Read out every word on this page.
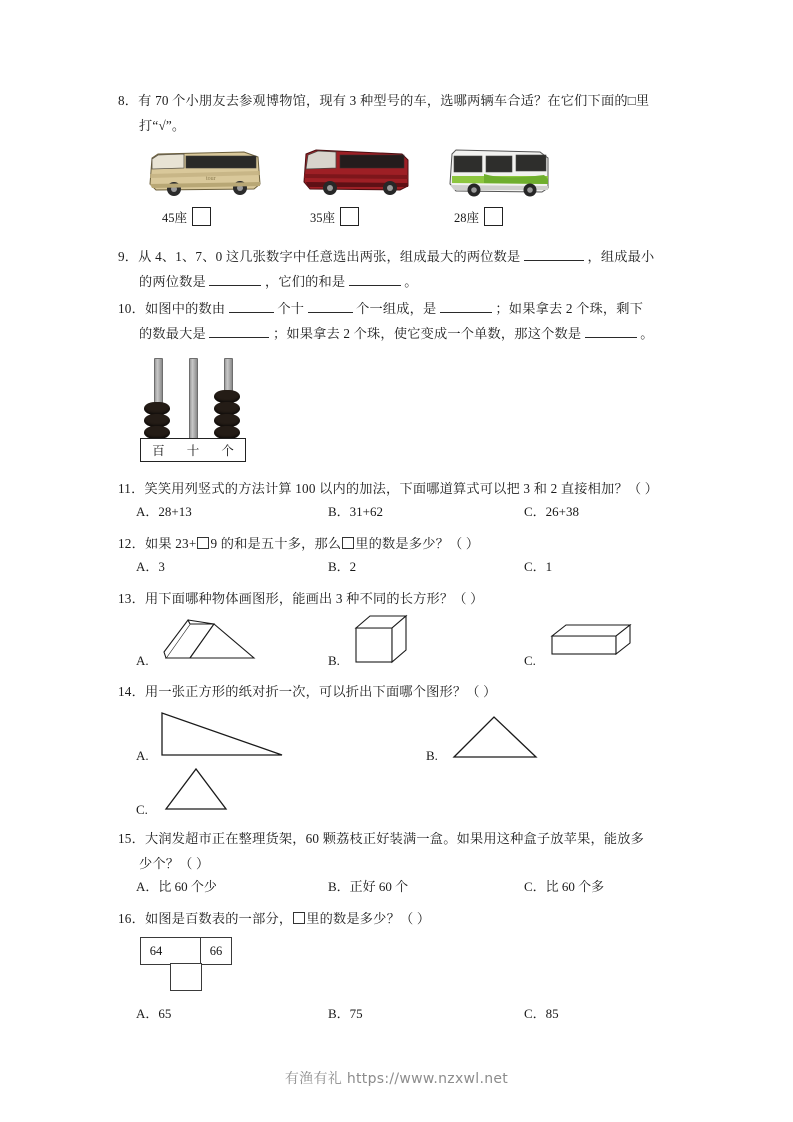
8．有 70 个小朋友去参观博物馆，现有 3 种型号的车，选哪两辆车合适？在它们下面的□里
打“√”。
tour
45座	35座	28座
9．从 4、1、7、0 这几张数字中任意选出两张，组成最大的两位数是	，组成最小
的两位数是	，它们的和是	。
10．如图中的数由	个十	个一组成，是	；如果拿去 2 个珠，剩下
的数最大是	；如果拿去 2 个珠，使它变成一个单数，那这个数是	。
百 十 个
11．笑笑用列竖式的方法计算 100 以内的加法，下面哪道算式可以把 3 和 2 直接相加？（ ）
A．28+13	B．31+62	C．26+38
12．如果 23+ 9 的和是五十多，那么 里的数是多少？（ ）
A．3	B．2	C．1
13．用下面哪种物体画图形，能画出 3 种不同的长方形？（ ）
A.	B.	C.
14．用一张正方形的纸对折一次，可以折出下面哪个图形？（ ）
A.	B.
C.
15．大润发超市正在整理货架，60 颗荔枝正好装满一盒。如果用这种盒子放苹果，能放多
少个？（ ）
A．比 60 个少	B．正好 60 个	C．比 60 个多
16．如图是百数表的一部分， 里的数是多少？（ ）
64	66
A．65	B．75	C．85
有渔有礼 https://www.nzxwl.net
